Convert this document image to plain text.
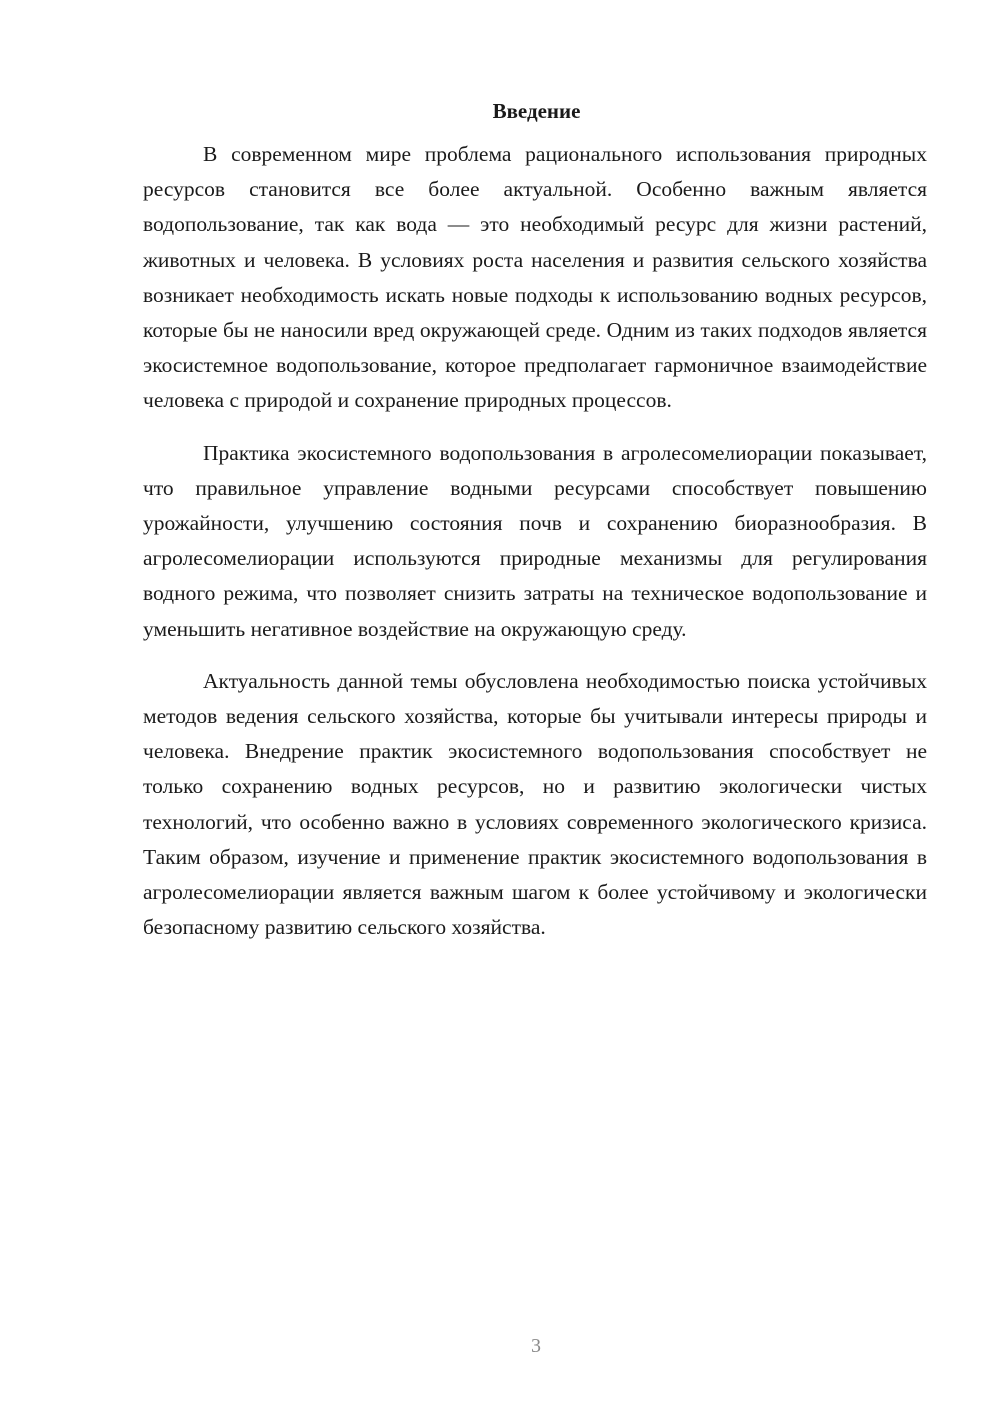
Введение

В современном мире проблема рационального использования природных ресурсов становится все более актуальной. Особенно важным является водопользование, так как вода — это необходимый ресурс для жизни растений, животных и человека. В условиях роста населения и развития сельского хозяйства возникает необходимость искать новые подходы к использованию водных ресурсов, которые бы не наносили вред окружающей среде. Одним из таких подходов является экосистемное водопользование, которое предполагает гармоничное взаимодействие человека с природой и сохранение природных процессов.

Практика экосистемного водопользования в агролесомелиорации показывает, что правильное управление водными ресурсами способствует повышению урожайности, улучшению состояния почв и сохранению биоразнообразия. В агролесомелиорации используются природные механизмы для регулирования водного режима, что позволяет снизить затраты на техническое водопользование и уменьшить негативное воздействие на окружающую среду.

Актуальность данной темы обусловлена необходимостью поиска устойчивых методов ведения сельского хозяйства, которые бы учитывали интересы природы и человека. Внедрение практик экосистемного водопользования способствует не только сохранению водных ресурсов, но и развитию экологически чистых технологий, что особенно важно в условиях современного экологического кризиса. Таким образом, изучение и применение практик экосистемного водопользования в агролесомелиорации является важным шагом к более устойчивому и экологически безопасному развитию сельского хозяйства.

3
